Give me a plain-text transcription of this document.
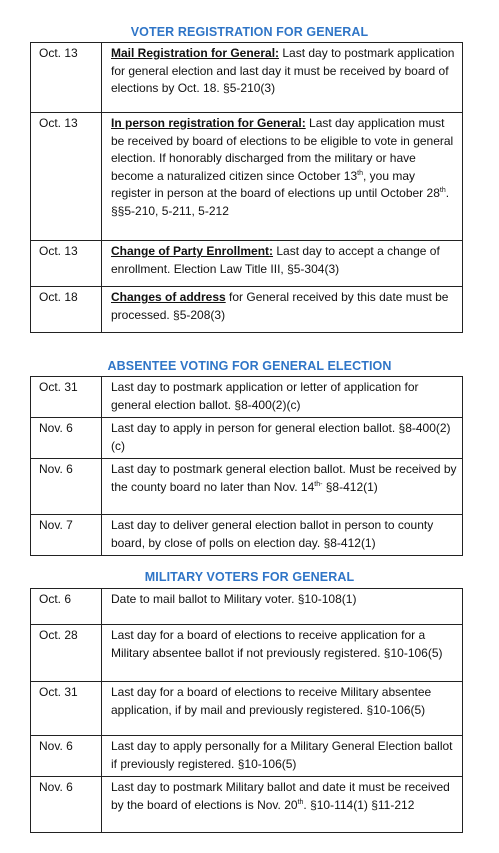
VOTER REGISTRATION FOR GENERAL
Oct. 13	Mail Registration for General: Last day to postmark application for general election and last day it must be received by board of elections by Oct. 18. §5-210(3)
Oct. 13	In person registration for General: Last day application must be received by board of elections to be eligible to vote in general election. If honorably discharged from the military or have become a naturalized citizen since October 13th, you may register in person at the board of elections up until October 28th. §§5-210, 5-211, 5-212
Oct. 13	Change of Party Enrollment: Last day to accept a change of enrollment. Election Law Title III, §5-304(3)
Oct. 18	Changes of address for General received by this date must be processed. §5-208(3)
ABSENTEE VOTING FOR GENERAL ELECTION
Oct. 31	Last day to postmark application or letter of application for general election ballot. §8-400(2)(c)
Nov. 6	Last day to apply in person for general election ballot. §8-400(2)(c)
Nov. 6	Last day to postmark general election ballot. Must be received by the county board no later than Nov. $14^{th-}$ §8-412(1)
Nov. 7	Last day to deliver general election ballot in person to county board, by close of polls on election day. §8-412(1)
MILITARY VOTERS FOR GENERAL
Oct. 6	Date to mail ballot to Military voter. §10-108(1)
Oct. 28	Last day for a board of elections to receive application for a Military absentee ballot if not previously registered. §10-106(5)
Oct. 31	Last day for a board of elections to receive Military absentee application, if by mail and previously registered. §10-106(5)
Nov. 6	Last day to apply personally for a Military General Election ballot if previously registered. §10-106(5)
Nov. 6	Last day to postmark Military ballot and date it must be received by the board of elections is Nov. 20th. §10-114(1) §11-212
